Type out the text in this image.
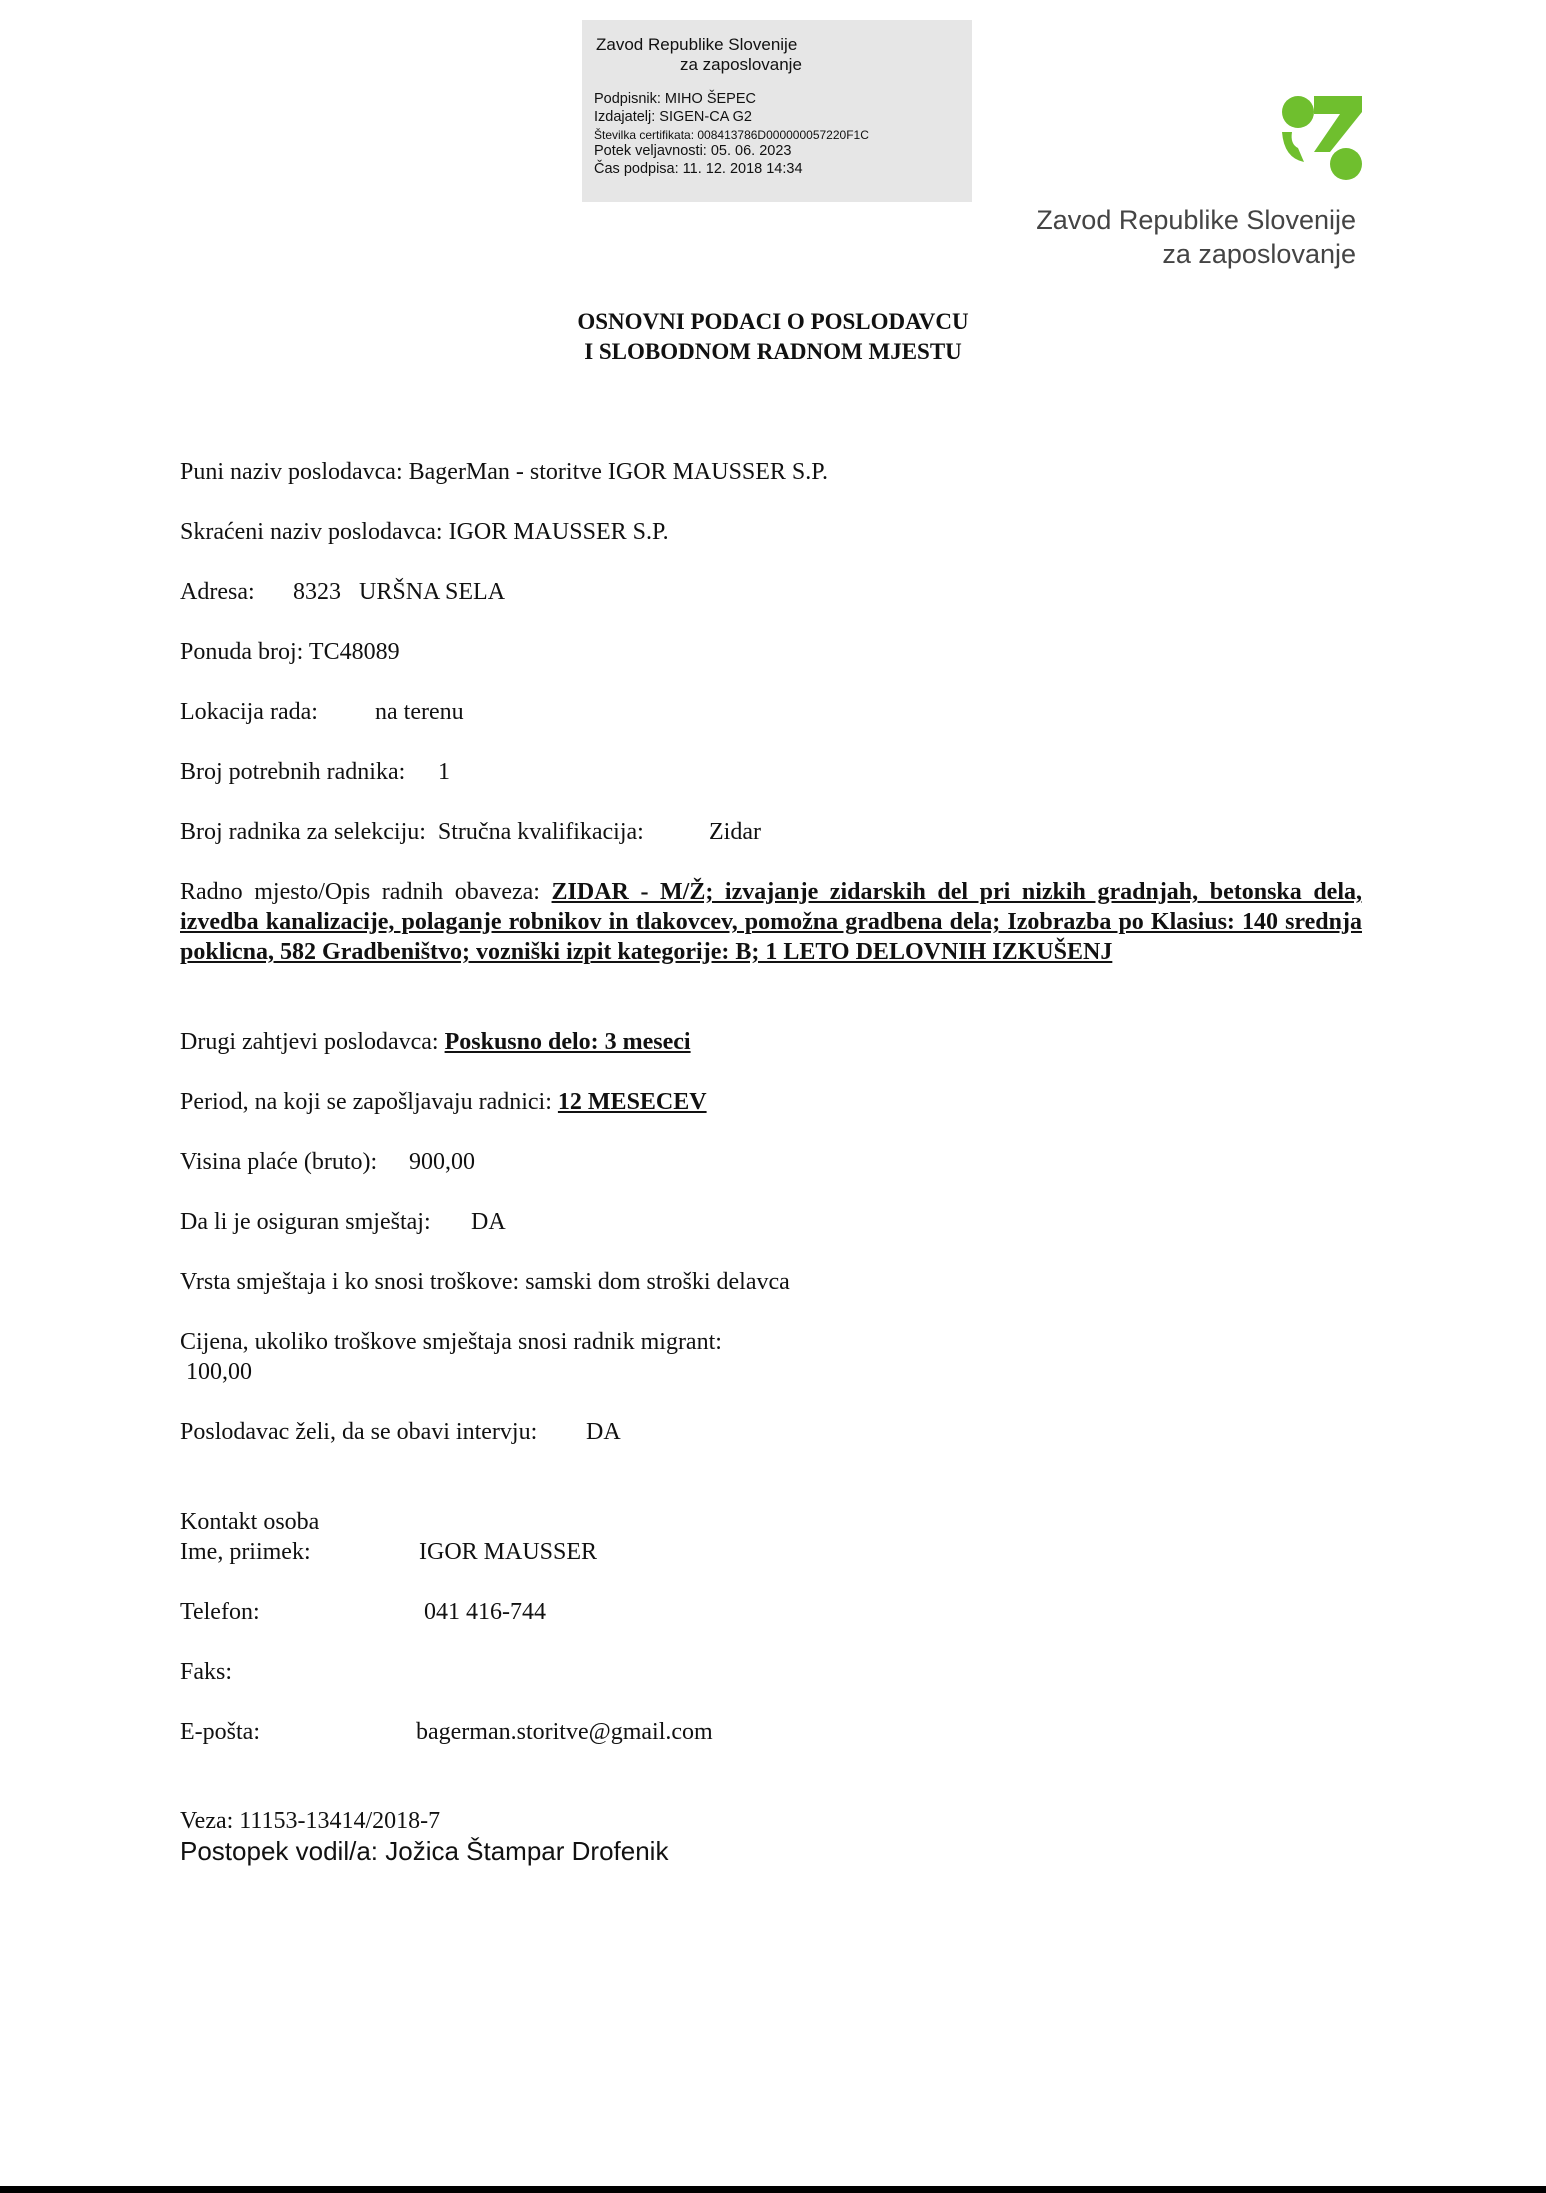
Zavod Republike Slovenije
za zaposlovanje
Podpisnik: MIHO ŠEPEC
Izdajatelj: SIGEN-CA G2
Številka certifikata: 008413786D000000057220F1C
Potek veljavnosti: 05. 06. 2023
Čas podpisa: 11. 12. 2018 14:34
Zavod Republike Slovenije
za zaposlovanje
OSNOVNI PODACI O POSLODAVCU
I SLOBODNOM RADNOM MJESTU
Puni naziv poslodavca: BagerMan - storitve IGOR MAUSSER S.P.
Skraćeni naziv poslodavca: IGOR MAUSSER S.P.
Adresa: 8323   URŠNA SELA
Ponuda broj: TC48089
Lokacija rada: na terenu
Broj potrebnih radnika: 1
Broj radnika za selekciju:  Stručna kvalifikacija:	Zidar
Radno mjesto/Opis radnih obaveza: ZIDAR - M/Ž; izvajanje zidarskih del pri nizkih gradnjah, betonska dela, izvedba kanalizacije, polaganje robnikov in tlakovcev, pomožna gradbena dela; Izobrazba po Klasius: 140 srednja poklicna, 582 Gradbeništvo; vozniški izpit kategorije: B; 1 LETO DELOVNIH IZKUŠENJ
Drugi zahtjevi poslodavca: Poskusno delo: 3 meseci
Period, na koji se zapošljavaju radnici: 12 MESECEV
Visina plaće (bruto): 900,00
Da li je osiguran smještaj: DA
Vrsta smještaja i ko snosi troškove: samski dom stroški delavca
Cijena, ukoliko troškove smještaja snosi radnik migrant:
100,00
Poslodavac želi, da se obavi intervju: DA
Kontakt osoba
Ime, priimek:	IGOR MAUSSER
Telefon:	041 416-744
Faks:
E-pošta:	bagerman.storitve@gmail.com
Veza: 11153-13414/2018-7
Postopek vodil/a: Jožica Štampar Drofenik
